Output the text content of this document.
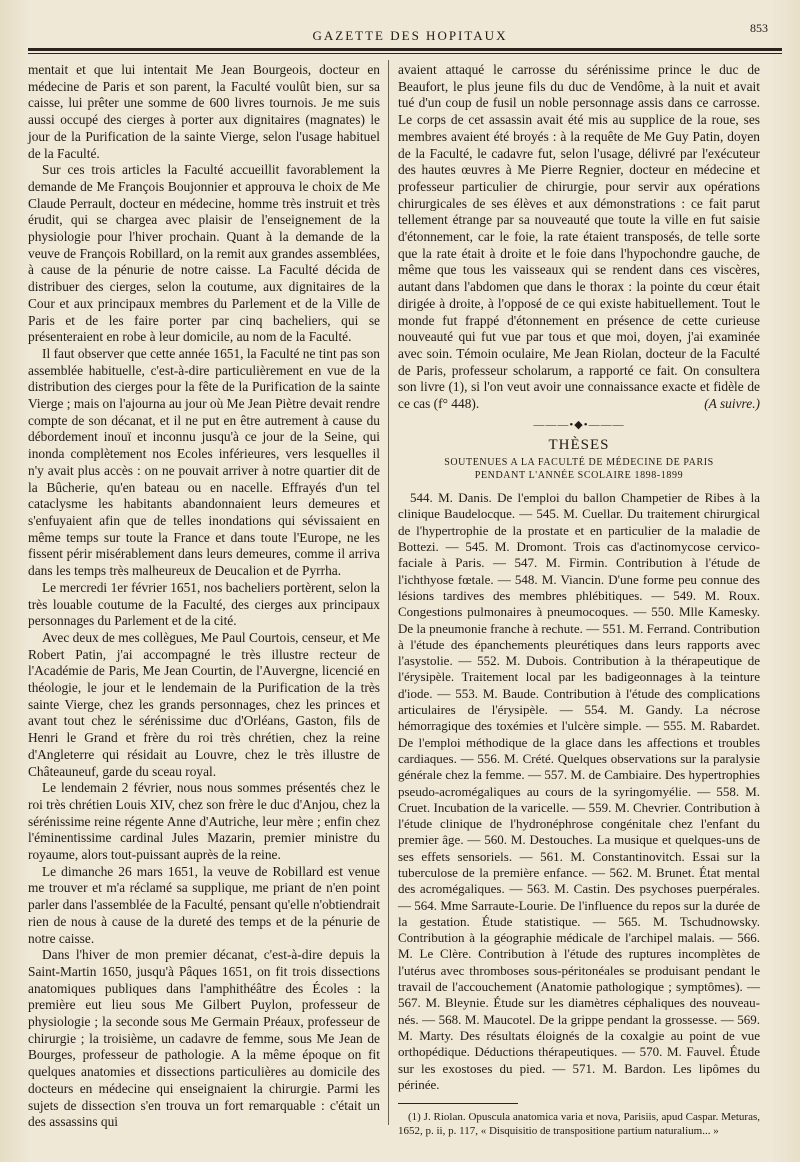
GAZETTE DES HOPITAUX	853

mentait et que lui intentait Me Jean Bourgeois, docteur en médecine de Paris et son parent, la Faculté voulût bien, sur sa caisse, lui prêter une somme de 600 livres tournois. Je me suis aussi occupé des cierges à porter aux dignitaires (magnates) le jour de la Purification de la sainte Vierge, selon l'usage habituel de la Faculté.

Sur ces trois articles la Faculté accueillit favorablement la demande de Me François Boujonnier et approuva le choix de Me Claude Perrault, docteur en médecine, homme très instruit et très érudit, qui se chargea avec plaisir de l'enseignement de la physiologie pour l'hiver prochain. Quant à la demande de la veuve de François Robillard, on la remit aux grandes assemblées, à cause de la pénurie de notre caisse. La Faculté décida de distribuer des cierges, selon la coutume, aux dignitaires de la Cour et aux principaux membres du Parlement et de la Ville de Paris et de les faire porter par cinq bacheliers, qui se présenteraient en robe à leur domicile, au nom de la Faculté.

Il faut observer que cette année 1651, la Faculté ne tint pas son assemblée habituelle, c'est-à-dire particulièrement en vue de la distribution des cierges pour la fête de la Purification de la sainte Vierge ; mais on l'ajourna au jour où Me Jean Piètre devait rendre compte de son décanat, et il ne put en être autrement à cause du débordement inouï et inconnu jusqu'à ce jour de la Seine, qui inonda complètement nos Ecoles inférieures, vers lesquelles il n'y avait plus accès : on ne pouvait arriver à notre quartier dit de la Bûcherie, qu'en bateau ou en nacelle. Effrayés d'un tel cataclysme les habitants abandonnaient leurs demeures et s'enfuyaient afin que de telles inondations qui sévissaient en même temps sur toute la France et dans toute l'Europe, ne les fissent périr misérablement dans leurs demeures, comme il arriva dans les temps très malheureux de Deucalion et de Pyrrha.

Le mercredi 1er février 1651, nos bacheliers portèrent, selon la très louable coutume de la Faculté, des cierges aux principaux personnages du Parlement et de la cité.

Avec deux de mes collègues, Me Paul Courtois, censeur, et Me Robert Patin, j'ai accompagné le très illustre recteur de l'Académie de Paris, Me Jean Courtin, de l'Auvergne, licencié en théologie, le jour et le lendemain de la Purification de la très sainte Vierge, chez les grands personnages, chez les princes et avant tout chez le sérénissime duc d'Orléans, Gaston, fils de Henri le Grand et frère du roi très chrétien, chez la reine d'Angleterre qui résidait au Louvre, chez le très illustre de Châteauneuf, garde du sceau royal.

Le lendemain 2 février, nous nous sommes présentés chez le roi très chrétien Louis XIV, chez son frère le duc d'Anjou, chez la sérénissime reine régente Anne d'Autriche, leur mère ; enfin chez l'éminentissime cardinal Jules Mazarin, premier ministre du royaume, alors tout-puissant auprès de la reine.

Le dimanche 26 mars 1651, la veuve de Robillard est venue me trouver et m'a réclamé sa supplique, me priant de n'en point parler dans l'assemblée de la Faculté, pensant qu'elle n'obtiendrait rien de nous à cause de la dureté des temps et de la pénurie de notre caisse.

Dans l'hiver de mon premier décanat, c'est-à-dire depuis la Saint-Martin 1650, jusqu'à Pâques 1651, on fit trois dissections anatomiques publiques dans l'amphithéâtre des Écoles : la première eut lieu sous Me Gilbert Puylon, professeur de physiologie ; la seconde sous Me Germain Préaux, professeur de chirurgie ; la troisième, un cadavre de femme, sous Me Jean de Bourges, professeur de pathologie. A la même époque on fit quelques anatomies et dissections particulières au domicile des docteurs en médecine qui enseignaient la chirurgie. Parmi les sujets de dissection s'en trouva un fort remarquable : c'était un des assassins qui

avaient attaqué le carrosse du sérénissime prince le duc de Beaufort, le plus jeune fils du duc de Vendôme, à la nuit et avait tué d'un coup de fusil un noble personnage assis dans ce carrosse. Le corps de cet assassin avait été mis au supplice de la roue, ses membres avaient été broyés : à la requête de Me Guy Patin, doyen de la Faculté, le cadavre fut, selon l'usage, délivré par l'exécuteur des hautes œuvres à Me Pierre Regnier, docteur en médecine et professeur particulier de chirurgie, pour servir aux opérations chirurgicales de ses élèves et aux démonstrations : ce fait parut tellement étrange par sa nouveauté que toute la ville en fut saisie d'étonnement, car le foie, la rate étaient transposés, de telle sorte que la rate était à droite et le foie dans l'hypochondre gauche, de même que tous les vaisseaux qui se rendent dans ces viscères, autant dans l'abdomen que dans le thorax : la pointe du cœur était dirigée à droite, à l'opposé de ce qui existe habituellement. Tout le monde fut frappé d'étonnement en présence de cette curieuse nouveauté qui fut vue par tous et que moi, doyen, j'ai examinée avec soin. Témoin oculaire, Me Jean Riolan, docteur de la Faculté de Paris, professeur scholarum, a rapporté ce fait. On consultera son livre (1), si l'on veut avoir une connaissance exacte et fidèle de ce cas (f° 448).	(A suivre.)

———•◆•———
THÈSES
SOUTENUES A LA FACULTÉ DE MÉDECINE DE PARIS
PENDANT L'ANNÉE SCOLAIRE 1898-1899

544. M. Danis. De l'emploi du ballon Champetier de Ribes à la clinique Baudelocque. — 545. M. Cuellar. Du traitement chirurgical de l'hypertrophie de la prostate et en particulier de la maladie de Bottezi. — 545. M. Dromont. Trois cas d'actinomycose cervico-faciale à Paris. — 547. M. Firmin. Contribution à l'étude de l'ichthyose fœtale. — 548. M. Viancin. D'une forme peu connue des lésions tardives des membres phlébitiques. — 549. M. Roux. Congestions pulmonaires à pneumocoques. — 550. Mlle Kamesky. De la pneumonie franche à rechute. — 551. M. Ferrand. Contribution à l'étude des épanchements pleurétiques dans leurs rapports avec l'asystolie. — 552. M. Dubois. Contribution à la thérapeutique de l'érysipèle. Traitement local par les badigeonnages à la teinture d'iode. — 553. M. Baude. Contribution à l'étude des complications articulaires de l'érysipèle. — 554. M. Gandy. La nécrose hémorragique des toxémies et l'ulcère simple. — 555. M. Rabardet. De l'emploi méthodique de la glace dans les affections et troubles cardiaques. — 556. M. Crété. Quelques observations sur la paralysie générale chez la femme. — 557. M. de Cambiaire. Des hypertrophies pseudo-acromégaliques au cours de la syringomyélie. — 558. M. Cruet. Incubation de la varicelle. — 559. M. Chevrier. Contribution à l'étude clinique de l'hydronéphrose congénitale chez l'enfant du premier âge. — 560. M. Destouches. La musique et quelques-uns de ses effets sensoriels. — 561. M. Constantinovitch. Essai sur la tuberculose de la première enfance. — 562. M. Brunet. État mental des acromégaliques. — 563. M. Castin. Des psychoses puerpérales. — 564. Mme Sarraute-Lourie. De l'influence du repos sur la durée de la gestation. Étude statistique. — 565. M. Tschudnowsky. Contribution à la géographie médicale de l'archipel malais. — 566. M. Le Clère. Contribution à l'étude des ruptures incomplètes de l'utérus avec thromboses sous-péritonéales se produisant pendant le travail de l'accouchement (Anatomie pathologique ; symptômes). — 567. M. Bleynie. Étude sur les diamètres céphaliques des nouveau-nés. — 568. M. Maucotel. De la grippe pendant la grossesse. — 569. M. Marty. Des résultats éloignés de la coxalgie au point de vue orthopédique. Déductions thérapeutiques. — 570. M. Fauvel. Étude sur les exostoses du pied. — 571. M. Bardon. Les lipômes du périnée.

(1) J. Riolan. Opuscula anatomica varia et nova, Parisiis, apud Caspar. Meturas, 1652, p. ii, p. 117, « Disquisitio de transpositione partium naturalium... »
